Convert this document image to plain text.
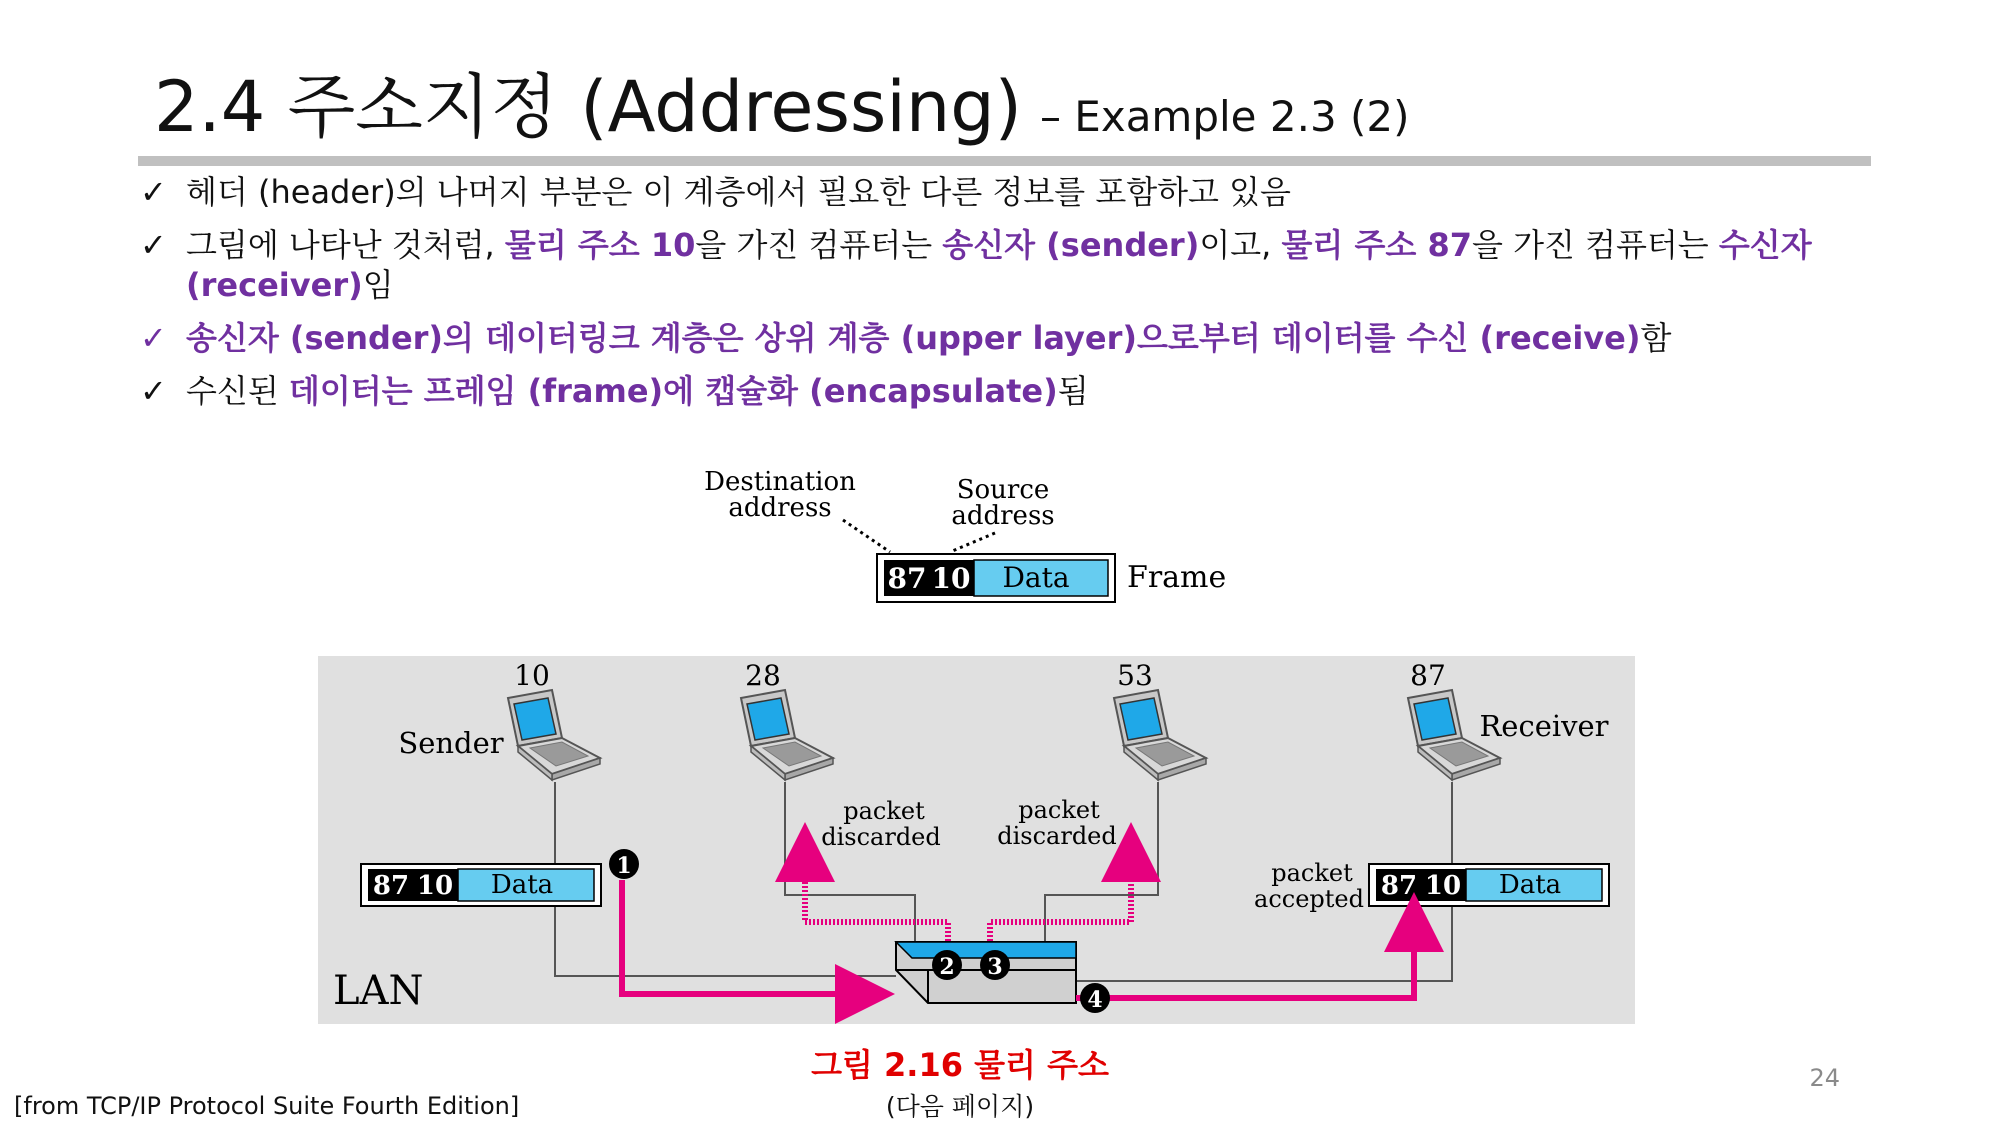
2.4 주소지정 (Addressing) – Example 2.3 (2)
✓ 헤더 (header)의 나머지 부분은 이 계층에서 필요한 다른 정보를 포함하고 있음
✓ 그림에 나타난 것처럼, 물리 주소 10을 가진 컴퓨터는 송신자 (sender)이고, 물리 주소 87을 가진 컴퓨터는 수신자 (receiver)임
✓ 송신자 (sender)의 데이터링크 계층은 상위 계층 (upper layer)으로부터 데이터를 수신 (receive)함
✓ 수신된 데이터는 프레임 (frame)에 캡슐화 (encapsulate)됨
Destination
address
Source
address
87 10 Data Frame
LAN
10	28	53	87
Sender	Receiver
packet
discarded
packet
discarded
packet
accepted
87 10 Data	87 10 Data
1
2 3
4
그림 2.16 물리 주소
(다음 페이지)
24
[from TCP/IP Protocol Suite Fourth Edition]
